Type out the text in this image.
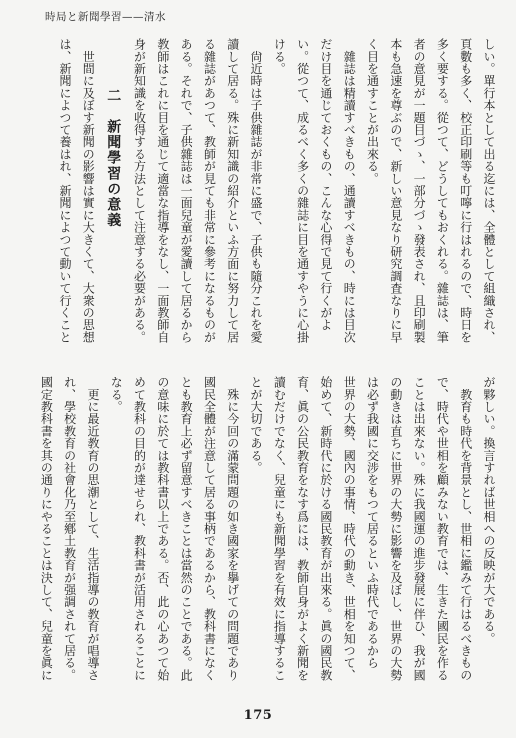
時局と新聞學習——清水
しい。單行本として出る迄には、全體として組織され、
頁數も多く、校正印刷等も叮嚀に行はれるので、時日を
多く要する。從つて、どうしてもおくれる。雜誌は、筆
者の意見が一題目づゝ、一部分づゝ發表され、且印刷製
本も急速を尊ぶので、新しい意見なり研究調査なりに早
く目を通すことが出來る。
　雜誌は精讀すべきもの、通讀すべきもの、時には目次
だけ目を通じておくもの、こんな心得で見て行くがよ
い。從つて、成るべく多くの雜誌に目を通すやうに心掛
ける。
　尙近時は子供雜誌が非常に盛で、子供も隨分これを愛
讀して居る。殊に新知識の紹介といふ方面に努力して居
る雜誌があつて、教師が見ても非常に參考になるものが
ある。それで、子供雜誌は一面兒童が愛讀して居るから
教師はこれに目を通じて適當な指導をなし、一面教師自
身が新知識を收得する方法として注意する必要がある。
二　新聞學習の意義
　世間に及ぼす新聞の影響は實に大きくて、大衆の思想
は、新聞によつて養はれ、新聞によつて動いて行くこと
が夥しい。換言すれば世相への反映が大である。
　教育も時代を背景とし、世相に鑑みて行はるべきもの
で、時代や世相を顧みない教育では、生きた國民を作る
ことは出來ない。殊に我國運の進步發展に伴ひ、我が國
の動きは直ちに世界の大勢に影響を及ぼし、世界の大勢
は必ず我國に交涉をもつて居るといふ時代であるから
世界の大勢、國內の事情、時代の動き、世相を知つて、
始めて、新時代に於ける國民教育が出來る。眞の國民教
育、眞の公民教育をなす爲には、教師自身がよく新聞を
讀むだけでなく、兒童にも新聞學習を有效に指導するこ
とが大切である。
　殊に今回の滿蒙問題の如き國家を擧げての問題であり
國民全體が注意して居る事柄であるから、教科書になく
とも教育上必ず留意すべきことは當然のことである。此
の意味に於ては教科書以上である。否、此の心あつて始
めて教科の目的が達せられ、教科書が活用されることに
なる。
　更に最近教育の思潮として、生活指導の教育が唱導さ
れ、學校教育の社會化乃至鄕土教育が强調されて居る。
國定教科書を其の通りにやることは決して、兒童を眞に
175
